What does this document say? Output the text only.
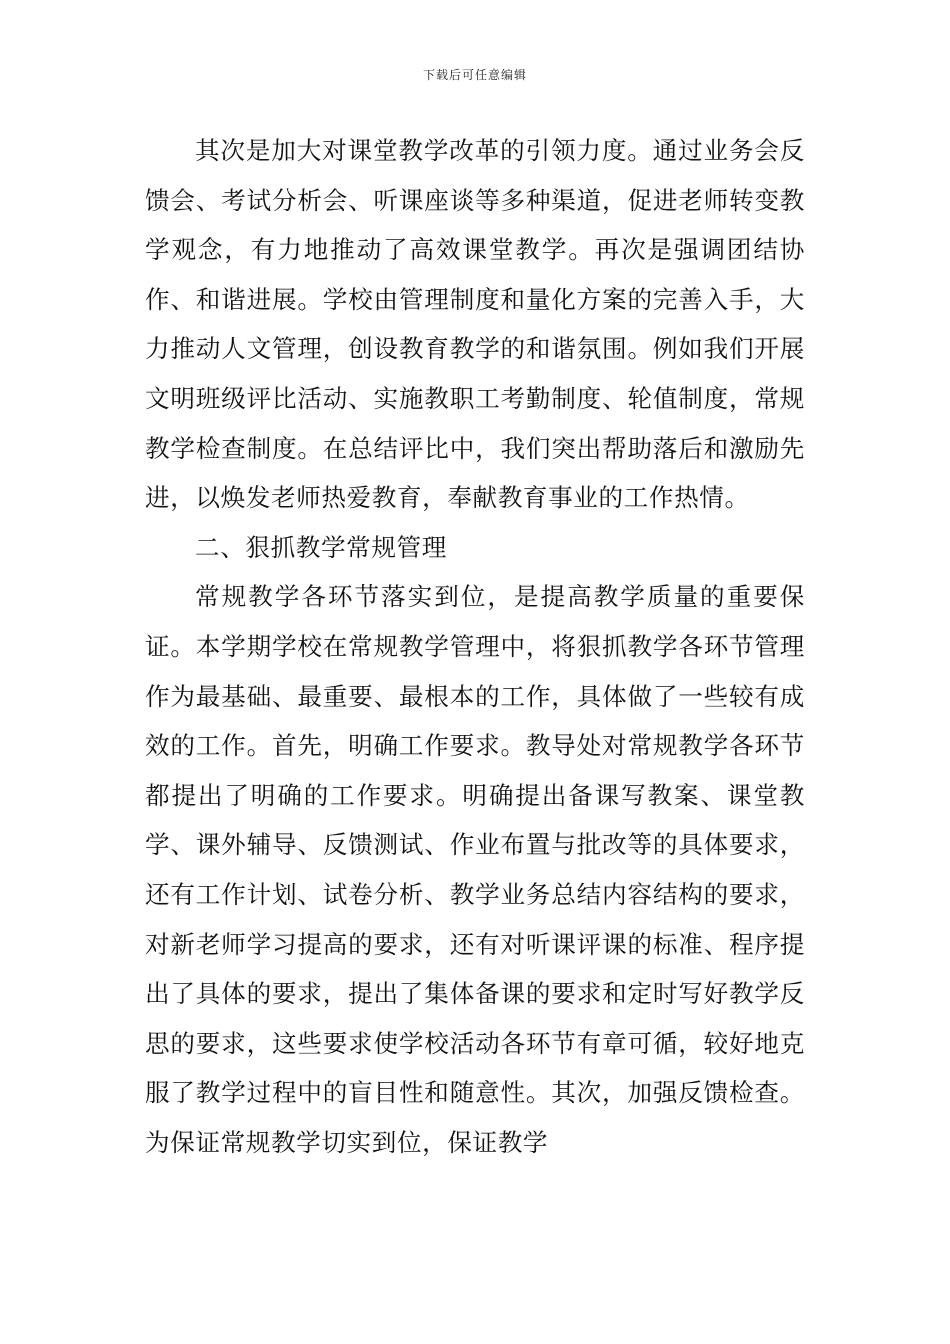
下载后可任意编辑

其次是加大对课堂教学改革的引领力度。通过业务会反馈会、考试分析会、听课座谈等多种渠道，促进老师转变教学观念，有力地推动了高效课堂教学。再次是强调团结协作、和谐进展。学校由管理制度和量化方案的完善入手，大力推动人文管理，创设教育教学的和谐氛围。例如我们开展文明班级评比活动、实施教职工考勤制度、轮值制度，常规教学检查制度。在总结评比中，我们突出帮助落后和激励先进，以焕发老师热爱教育，奉献教育事业的工作热情。

二、狠抓教学常规管理

常规教学各环节落实到位，是提高教学质量的重要保证。本学期学校在常规教学管理中，将狠抓教学各环节管理作为最基础、最重要、最根本的工作，具体做了一些较有成效的工作。首先，明确工作要求。教导处对常规教学各环节都提出了明确的工作要求。明确提出备课写教案、课堂教学、课外辅导、反馈测试、作业布置与批改等的具体要求，还有工作计划、试卷分析、教学业务总结内容结构的要求，对新老师学习提高的要求，还有对听课评课的标准、程序提出了具体的要求，提出了集体备课的要求和定时写好教学反思的要求，这些要求使学校活动各环节有章可循，较好地克服了教学过程中的盲目性和随意性。其次，加强反馈检查。为保证常规教学切实到位，保证教学
